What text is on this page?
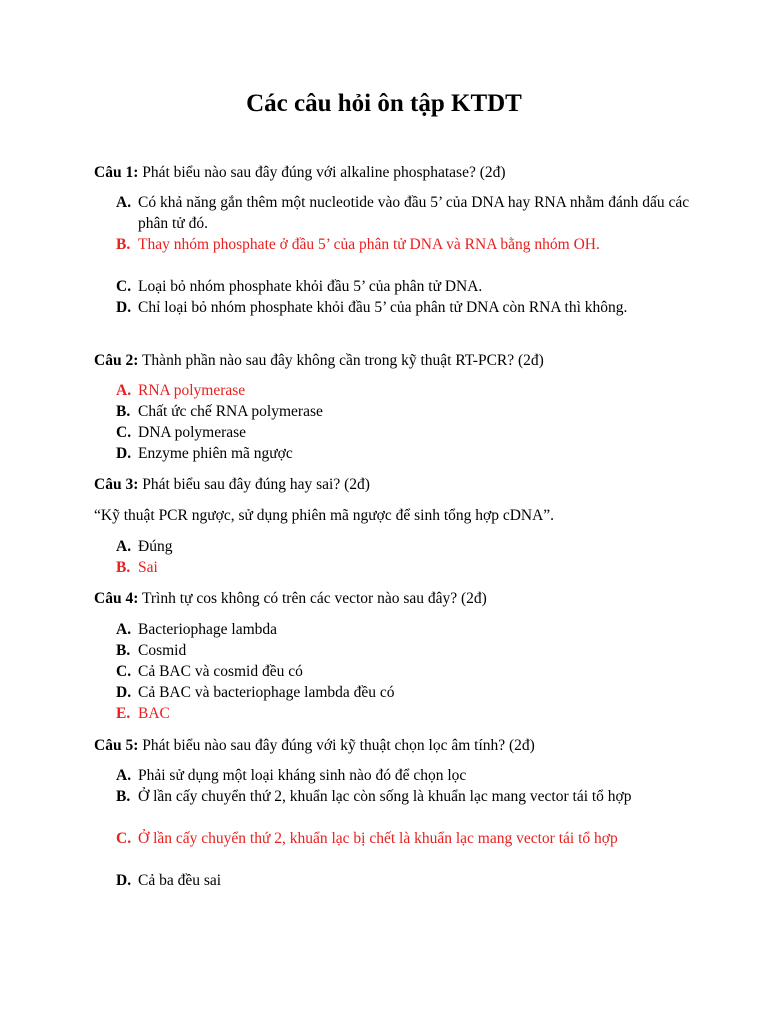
Các câu hỏi ôn tập KTDT
Câu 1: Phát biểu nào sau đây đúng với alkaline phosphatase? (2đ)
A. Có khả năng gắn thêm một nucleotide vào đầu 5’ của DNA hay RNA nhằm đánh dấu các phân tử đó.
B. Thay nhóm phosphate ở đầu 5’ của phân tử DNA và RNA bằng nhóm OH.
C. Loại bỏ nhóm phosphate khỏi đầu 5’ của phân tử DNA.
D. Chỉ loại bỏ nhóm phosphate khỏi đầu 5’ của phân tử DNA còn RNA thì không.
Câu 2: Thành phần nào sau đây không cần trong kỹ thuật RT-PCR? (2đ)
A. RNA polymerase
B. Chất ức chế RNA polymerase
C. DNA polymerase
D. Enzyme phiên mã ngược
Câu 3: Phát biểu sau đây đúng hay sai? (2đ)
“Kỹ thuật PCR ngược, sử dụng phiên mã ngược để sinh tổng hợp cDNA”.
A. Đúng
B. Sai
Câu 4: Trình tự cos không có trên các vector nào sau đây? (2đ)
A. Bacteriophage lambda
B. Cosmid
C. Cả BAC và cosmid đều có
D. Cả BAC và bacteriophage lambda đều có
E. BAC
Câu 5: Phát biểu nào sau đây đúng với kỹ thuật chọn lọc âm tính? (2đ)
A. Phải sử dụng một loại kháng sinh nào đó để chọn lọc
B. Ở lần cấy chuyển thứ 2, khuẩn lạc còn sống là khuẩn lạc mang vector tái tổ hợp
C. Ở lần cấy chuyển thứ 2, khuẩn lạc bị chết là khuẩn lạc mang vector tái tổ hợp
D. Cả ba đều sai
